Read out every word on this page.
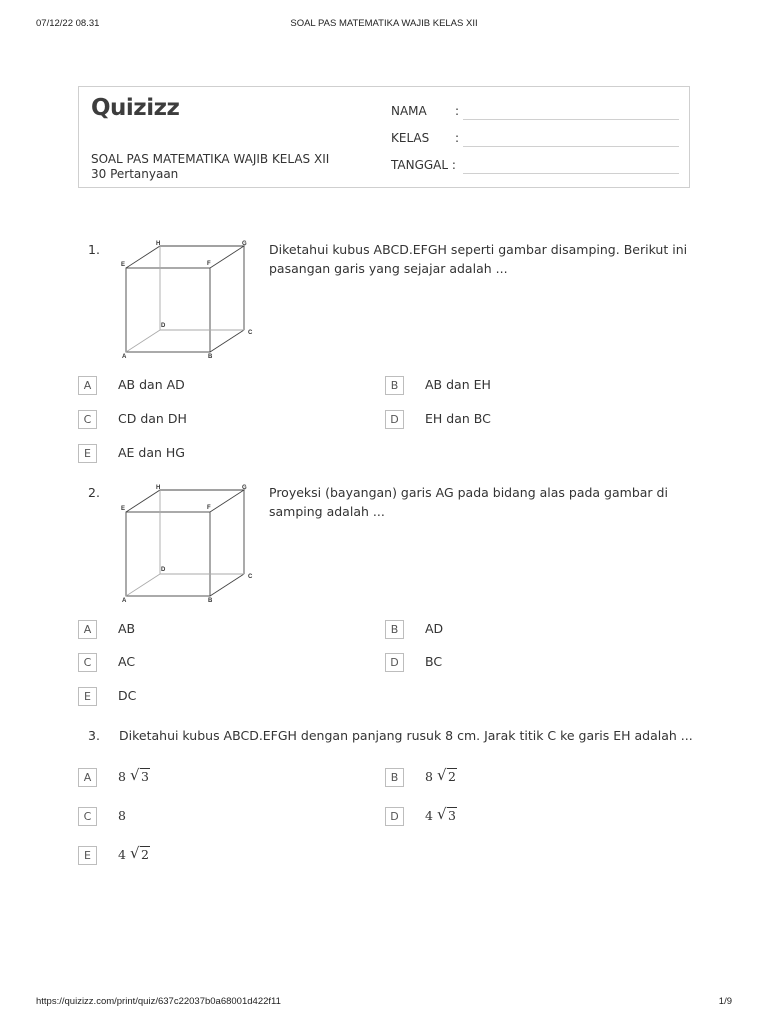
07/12/22 08.31	SOAL PAS MATEMATIKA WAJIB KELAS XII
Quizizz
SOAL PAS MATEMATIKA WAJIB KELAS XII
30 Pertanyaan
NAMA :
KELAS :
TANGGAL :
1.
A	B
C
D
E	F
G
H	Diketahui kubus ABCD.EFGH seperti gambar disamping. Berikut ini pasangan garis yang sejajar adalah ...
A	AB dan AD	B	AB dan EH
C	CD dan DH	D	EH dan BC
E	AE dan HG
2.
A	B
C
D
E	F
G
H	Proyeksi (bayangan) garis AG pada bidang alas pada gambar di samping adalah ...
A	AB	B	AD
C	AC	D	BC
E	DC
3. Diketahui kubus ABCD.EFGH dengan panjang rusuk 8 cm. Jarak titik C ke garis EH adalah ...
A	8 √ 3	B	8 √ 2
C	8	D	4 √ 3
E	4 √ 2
https://quizizz.com/print/quiz/637c22037b0a68001d422f11	1/9
